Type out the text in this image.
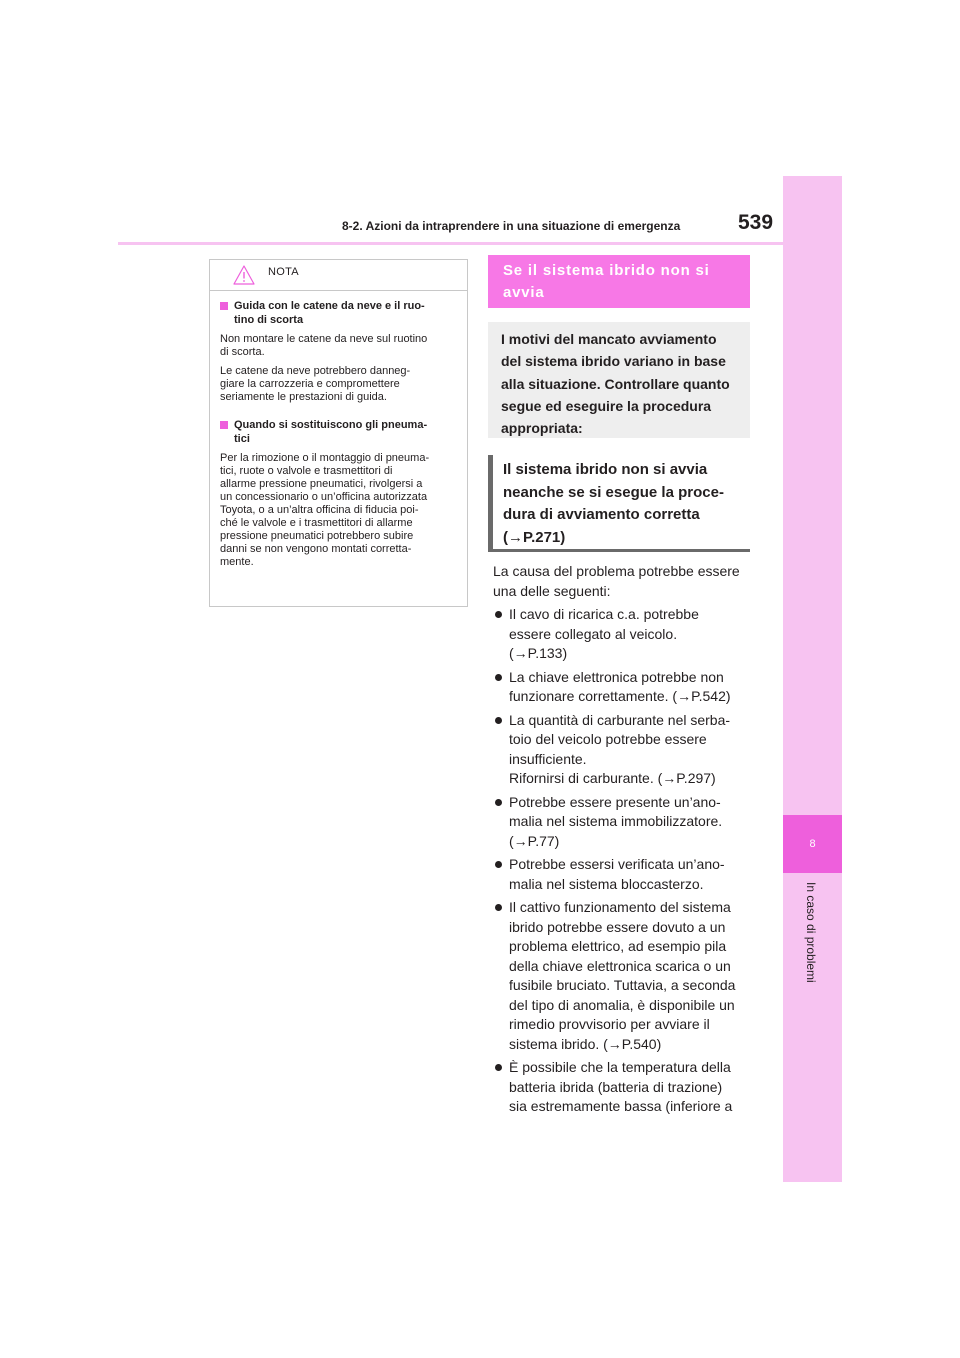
8
In caso di problemi
8-2. Azioni da intraprendere in una situazione di emergenza	539
NOTA
Guida con le catene da neve e il ruo-
tino di scorta

Non montare le catene da neve sul ruotino
di scorta.

Le catene da neve potrebbero danneg-
giare la carrozzeria e compromettere
seriamente le prestazioni di guida.

Quando si sostituiscono gli pneuma-
tici

Per la rimozione o il montaggio di pneuma-
tici, ruote o valvole e trasmettitori di
allarme pressione pneumatici, rivolgersi a
un concessionario o un’officina autorizzata
Toyota, o a un’altra officina di fiducia poi-
ché le valvole e i trasmettitori di allarme
pressione pneumatici potrebbero subire
danni se non vengono montati corretta-
mente.

Se il sistema ibrido non si
avvia
I motivi del mancato avviamento
del sistema ibrido variano in base
alla situazione. Controllare quanto
segue ed eseguire la procedura
appropriata:
Il sistema ibrido non si avvia
neanche se si esegue la proce-
dura di avviamento corretta
(→P.271)

La causa del problema potrebbe essere
una delle seguenti:

Il cavo di ricarica c.a. potrebbe
essere collegato al veicolo.
(→P.133)
La chiave elettronica potrebbe non
funzionare correttamente. (→P.542)
La quantità di carburante nel serba-
toio del veicolo potrebbe essere
insufficiente.
Rifornirsi di carburante. (→P.297)
Potrebbe essere presente un’ano-
malia nel sistema immobilizzatore.
(→P.77)
Potrebbe essersi verificata un’ano-
malia nel sistema bloccasterzo.
Il cattivo funzionamento del sistema
ibrido potrebbe essere dovuto a un
problema elettrico, ad esempio pila
della chiave elettronica scarica o un
fusibile bruciato. Tuttavia, a seconda
del tipo di anomalia, è disponibile un
rimedio provvisorio per avviare il
sistema ibrido. (→P.540)
È possibile che la temperatura della
batteria ibrida (batteria di trazione)
sia estremamente bassa (inferiore a
